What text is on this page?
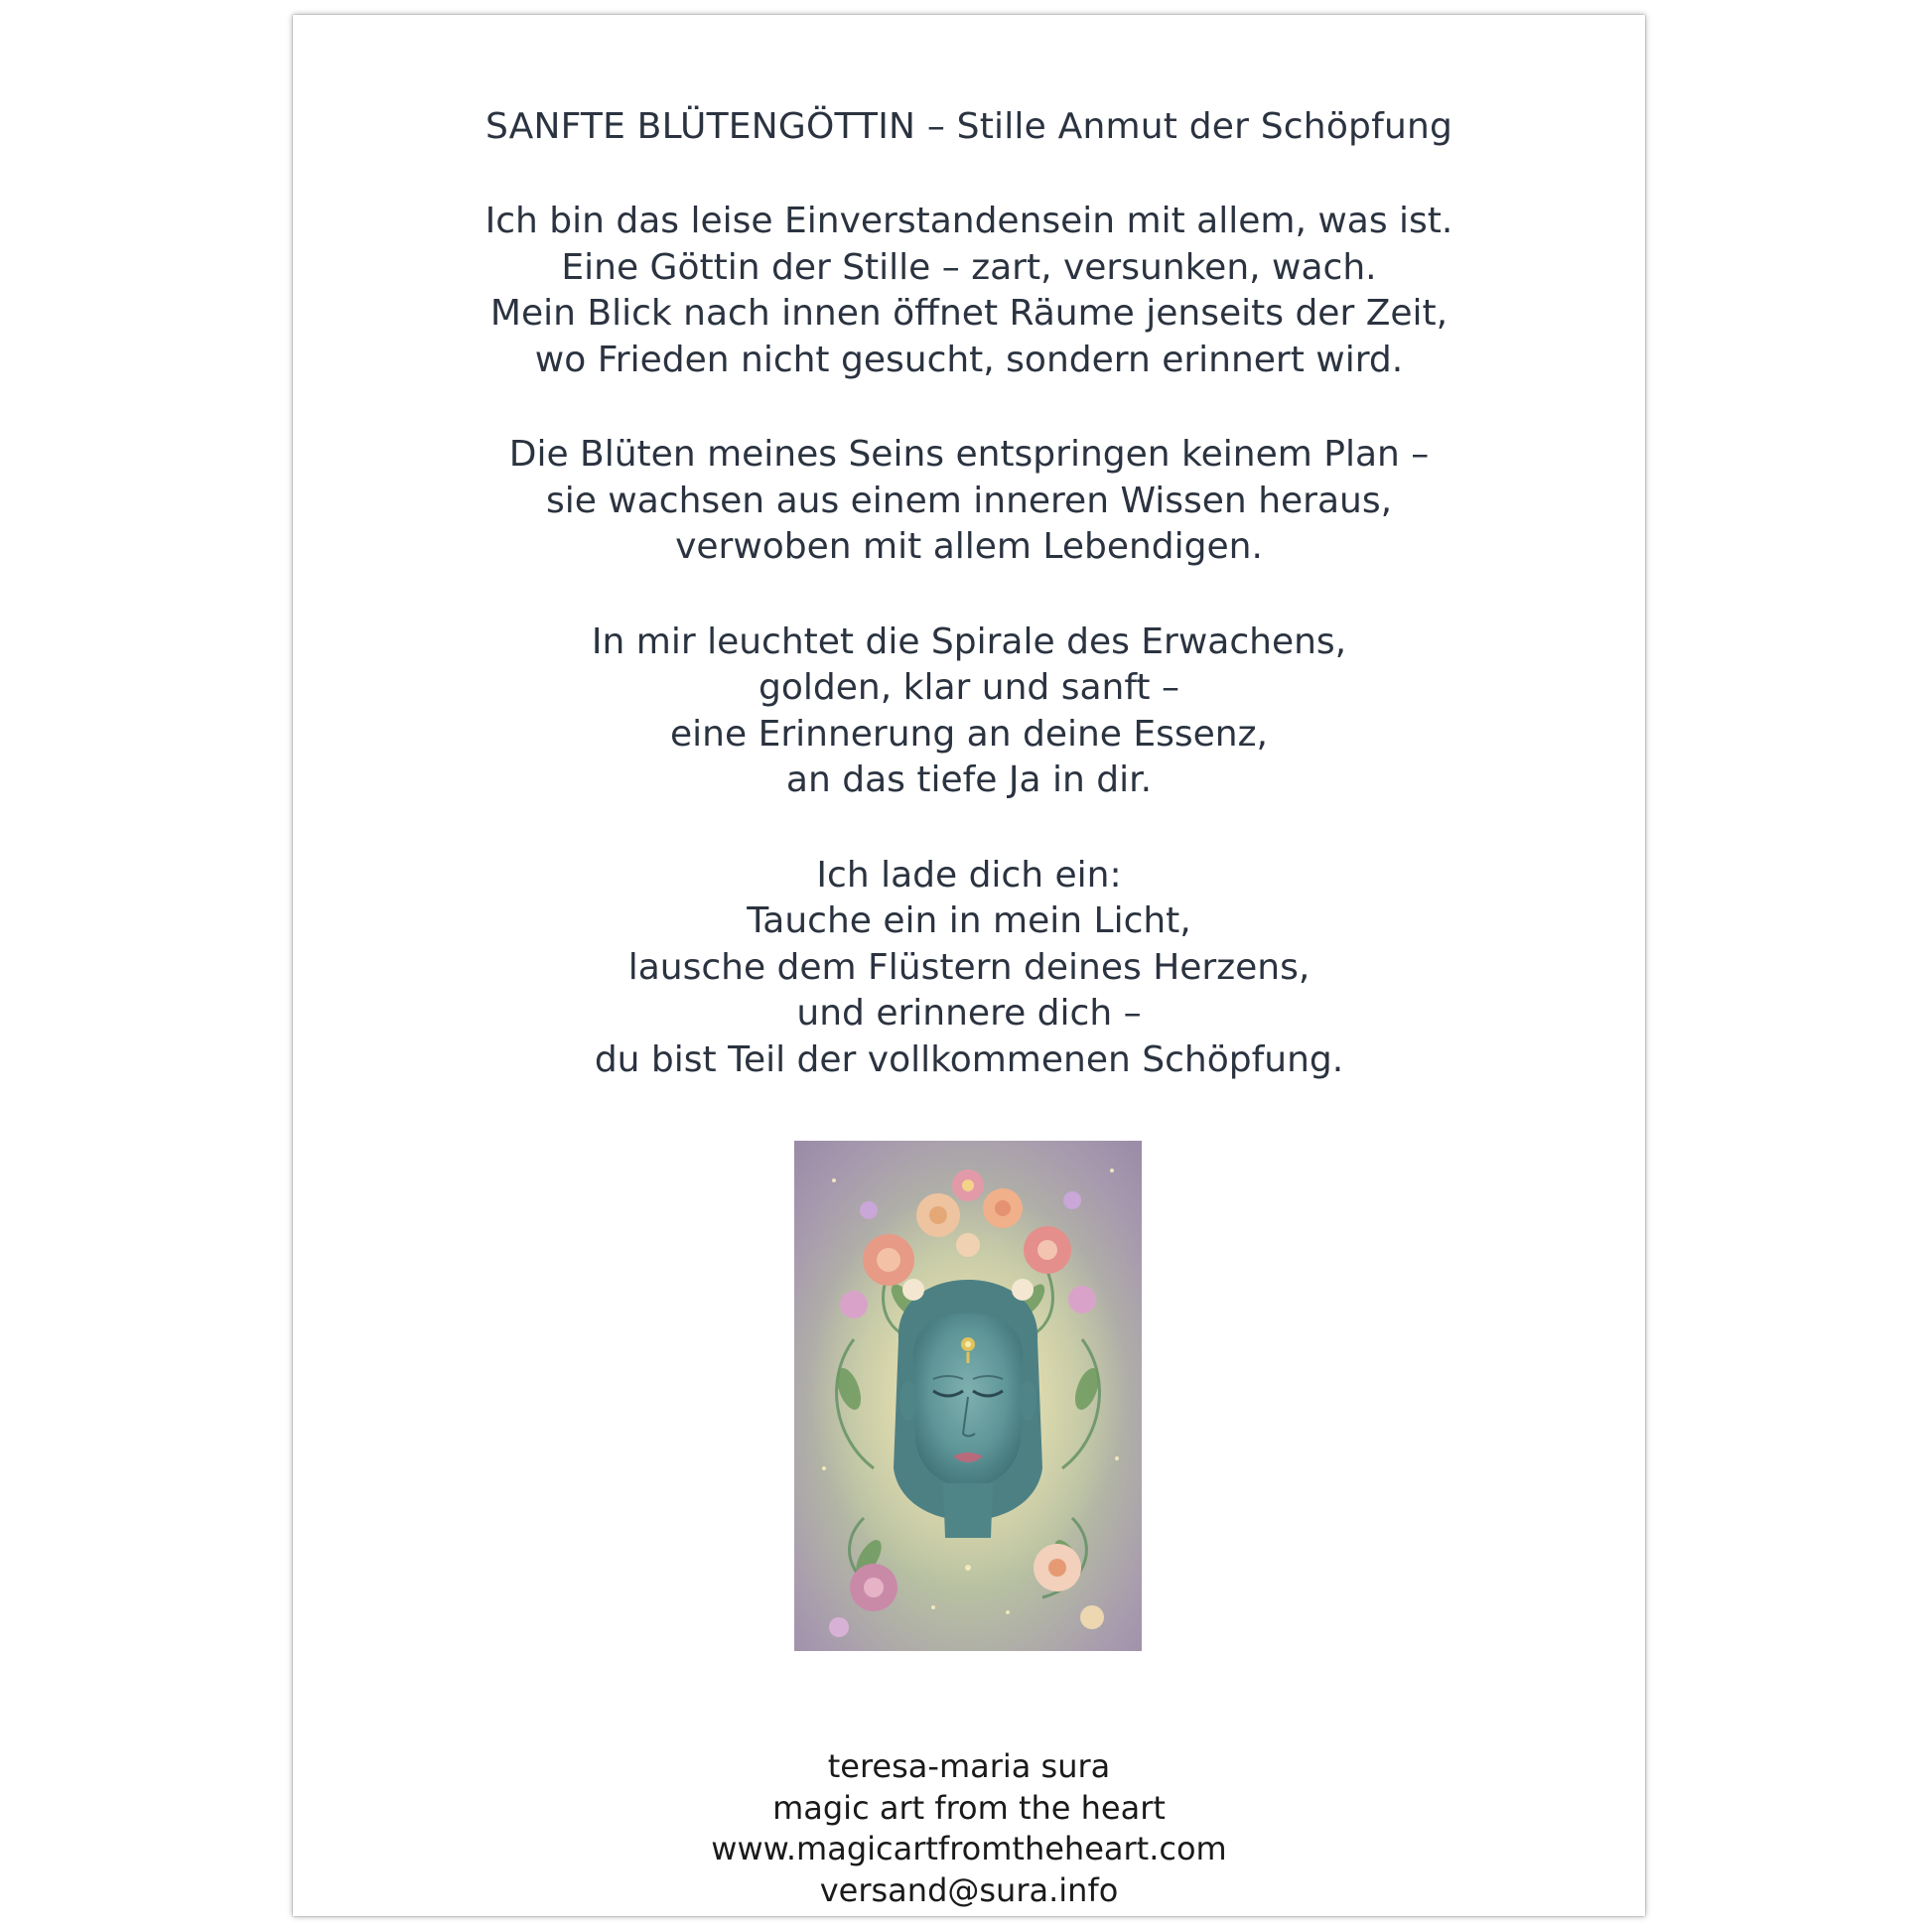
SANFTE BLÜTENGÖTTIN – Stille Anmut der Schöpfung
Ich bin das leise Einverstandensein mit allem, was ist.
Eine Göttin der Stille – zart, versunken, wach.
Mein Blick nach innen öffnet Räume jenseits der Zeit,
wo Frieden nicht gesucht, sondern erinnert wird.
Die Blüten meines Seins entspringen keinem Plan –
sie wachsen aus einem inneren Wissen heraus,
verwoben mit allem Lebendigen.
In mir leuchtet die Spirale des Erwachens,
golden, klar und sanft –
eine Erinnerung an deine Essenz,
an das tiefe Ja in dir.
Ich lade dich ein:
Tauche ein in mein Licht,
lausche dem Flüstern deines Herzens,
und erinnere dich –
du bist Teil der vollkommenen Schöpfung.
teresa-maria sura
magic art from the heart
www.magicartfromtheheart.com
versand@sura.info
